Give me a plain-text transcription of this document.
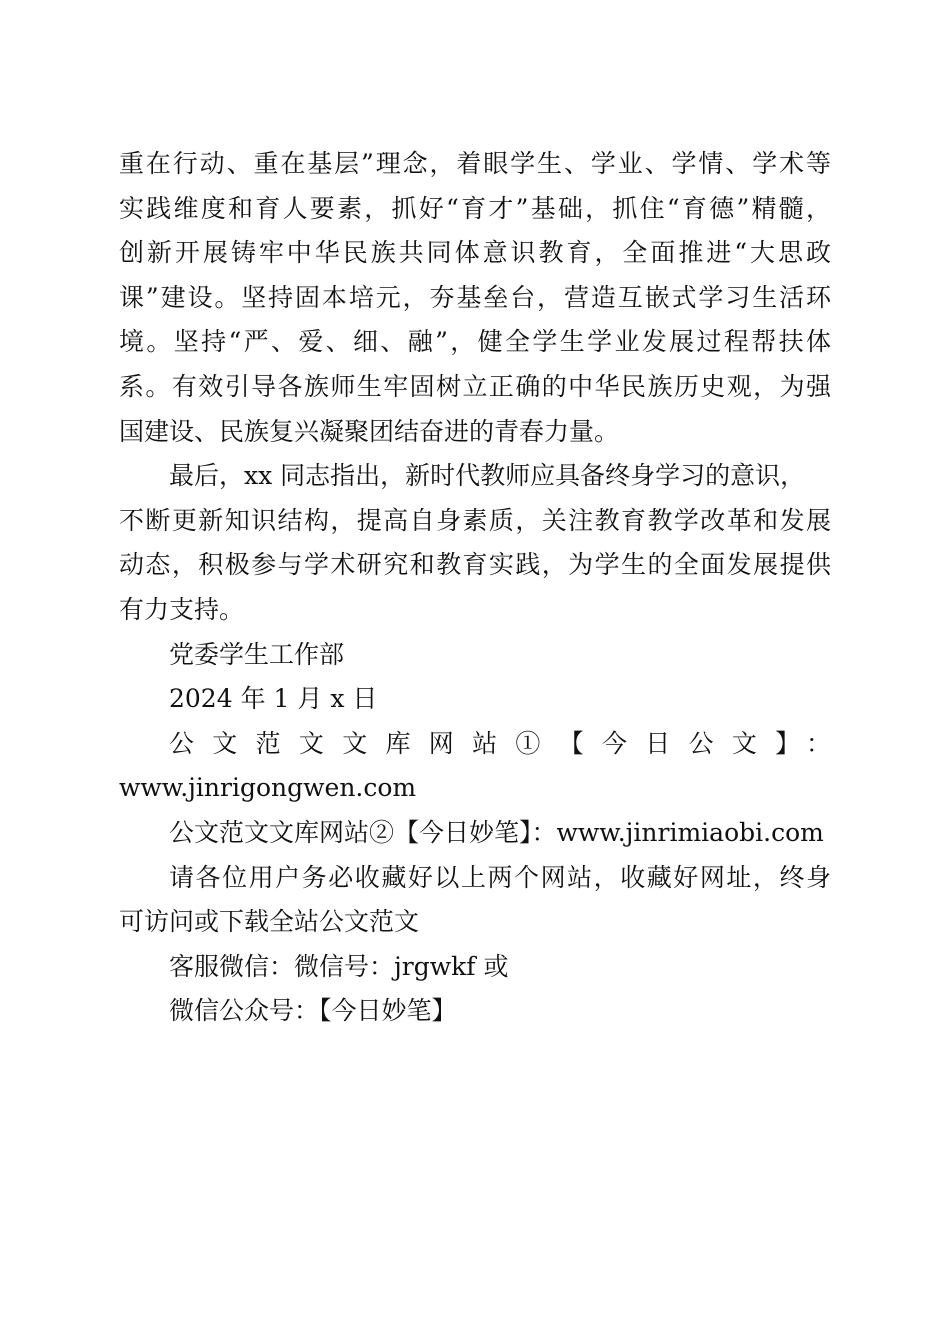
重在行动、重在基层”理念，着眼学生、学业、学情、学术等
实践维度和育人要素，抓好“育才”基础，抓住“育德”精髓，
创新开展铸牢中华民族共同体意识教育，全面推进“大思政
课”建设。坚持固本培元，夯基垒台，营造互嵌式学习生活环
境。坚持“严、爱、细、融”，健全学生学业发展过程帮扶体
系。有效引导各族师生牢固树立正确的中华民族历史观，为强
国建设、民族复兴凝聚团结奋进的青春力量。
最后，xx 同志指出，新时代教师应具备终身学习的意识，
不断更新知识结构，提高自身素质，关注教育教学改革和发展
动态，积极参与学术研究和教育实践，为学生的全面发展提供
有力支持。
党委学生工作部
2024 年 1 月 x 日
公文范文文库网站①【今日公文】：
www.jinrigongwen.com
公文范文文库网站②【今日妙笔】：www.jinrimiaobi.com
请各位用户务必收藏好以上两个网站，收藏好网址，终身
可访问或下载全站公文范文
客服微信：微信号：jrgwkf 或
微信公众号：【今日妙笔】
